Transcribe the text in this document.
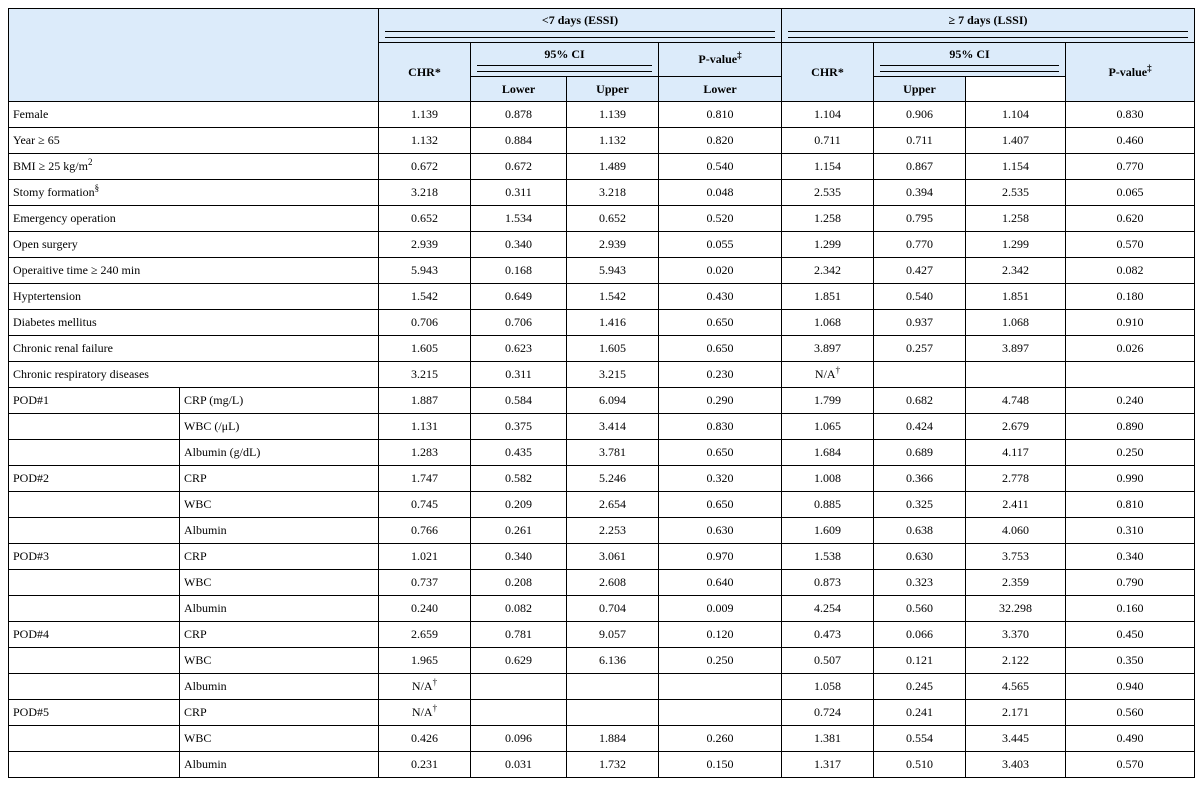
		<7 days (ESSI)				≥ 7 days (LSSI)			

		CHR*	95% CI		P-value‡	CHR*	95% CI		P-value‡
			Lower	Upper	Lower		Upper		
Female		1.139	0.878	1.139	0.810	1.104	0.906	1.104	0.830
Year ≥ 65		1.132	0.884	1.132	0.820	0.711	0.711	1.407	0.460
BMI ≥ 25 $kg/m^2$		0.672	0.672	1.489	0.540	1.154	0.867	1.154	0.770
Stomy formation§		3.218	0.311	3.218	0.048	2.535	0.394	2.535	0.065
Emergency operation		0.652	1.534	0.652	0.520	1.258	0.795	1.258	0.620
Open surgery		2.939	0.340	2.939	0.055	1.299	0.770	1.299	0.570
Operaitive time ≥ 240 min		5.943	0.168	5.943	0.020	2.342	0.427	2.342	0.082
Hyptertension		1.542	0.649	1.542	0.430	1.851	0.540	1.851	0.180
Diabetes mellitus		0.706	0.706	1.416	0.650	1.068	0.937	1.068	0.910
Chronic renal failure		1.605	0.623	1.605	0.650	3.897	0.257	3.897	0.026
Chronic respiratory diseases		3.215	0.311	3.215	0.230	N/A†			
POD#1	CRP (mg/L)	1.887	0.584	6.094	0.290	1.799	0.682	4.748	0.240
	WBC (/μL)	1.131	0.375	3.414	0.830	1.065	0.424	2.679	0.890
	Albumin (g/dL)	1.283	0.435	3.781	0.650	1.684	0.689	4.117	0.250
POD#2	CRP	1.747	0.582	5.246	0.320	1.008	0.366	2.778	0.990
	WBC	0.745	0.209	2.654	0.650	0.885	0.325	2.411	0.810
	Albumin	0.766	0.261	2.253	0.630	1.609	0.638	4.060	0.310
POD#3	CRP	1.021	0.340	3.061	0.970	1.538	0.630	3.753	0.340
	WBC	0.737	0.208	2.608	0.640	0.873	0.323	2.359	0.790
	Albumin	0.240	0.082	0.704	0.009	4.254	0.560	32.298	0.160
POD#4	CRP	2.659	0.781	9.057	0.120	0.473	0.066	3.370	0.450
	WBC	1.965	0.629	6.136	0.250	0.507	0.121	2.122	0.350
	Albumin	N/A†				1.058	0.245	4.565	0.940
POD#5	CRP	N/A†				0.724	0.241	2.171	0.560
	WBC	0.426	0.096	1.884	0.260	1.381	0.554	3.445	0.490
	Albumin	0.231	0.031	1.732	0.150	1.317	0.510	3.403	0.570
